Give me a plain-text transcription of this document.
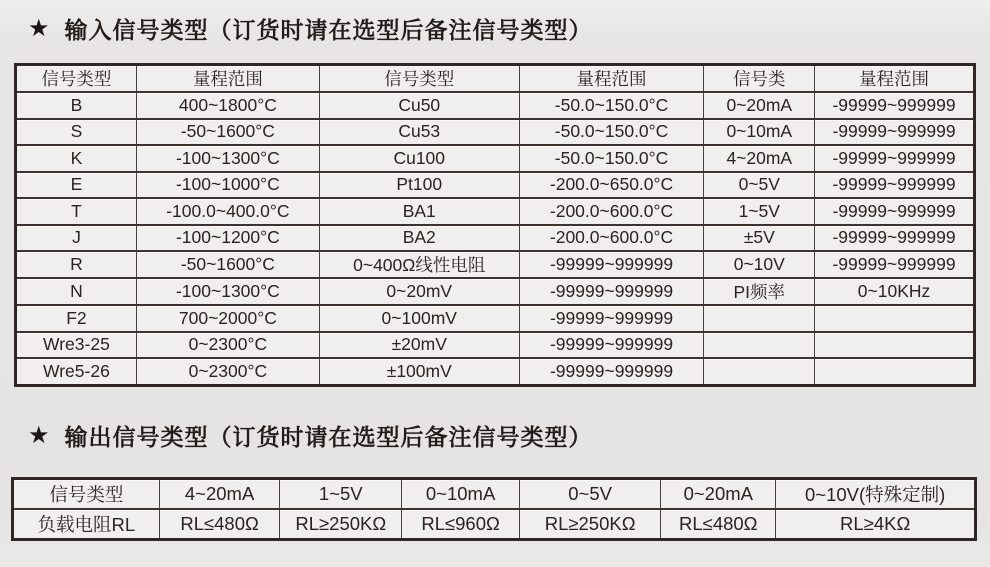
★ 输入信号类型（订货时请在选型后备注信号类型）
信号类型	量程范围	信号类型	量程范围	信号类	量程范围
B	400~1800°C	Cu50	-50.0~150.0°C	0~20mA	-99999~999999
S	-50~1600°C	Cu53	-50.0~150.0°C	0~10mA	-99999~999999
K	-100~1300°C	Cu100	-50.0~150.0°C	4~20mA	-99999~999999
E	-100~1000°C	Pt100	-200.0~650.0°C	0~5V	-99999~999999
T	-100.0~400.0°C	BA1	-200.0~600.0°C	1~5V	-99999~999999
J	-100~1200°C	BA2	-200.0~600.0°C	±5V	-99999~999999
R	-50~1600°C	0~400Ω线性电阻	-99999~999999	0~10V	-99999~999999
N	-100~1300°C	0~20mV	-99999~999999	PI频率	0~10KHz
F2	700~2000°C	0~100mV	-99999~999999		
Wre3-25	0~2300°C	±20mV	-99999~999999		
Wre5-26	0~2300°C	±100mV	-99999~999999		
★ 输出信号类型（订货时请在选型后备注信号类型）
信号类型	4~20mA	1~5V	0~10mA	0~5V	0~20mA	0~10V(特殊定制)
负载电阻RL	RL≤480Ω	RL≥250KΩ	RL≤960Ω	RL≥250KΩ	RL≤480Ω	RL≥4KΩ
